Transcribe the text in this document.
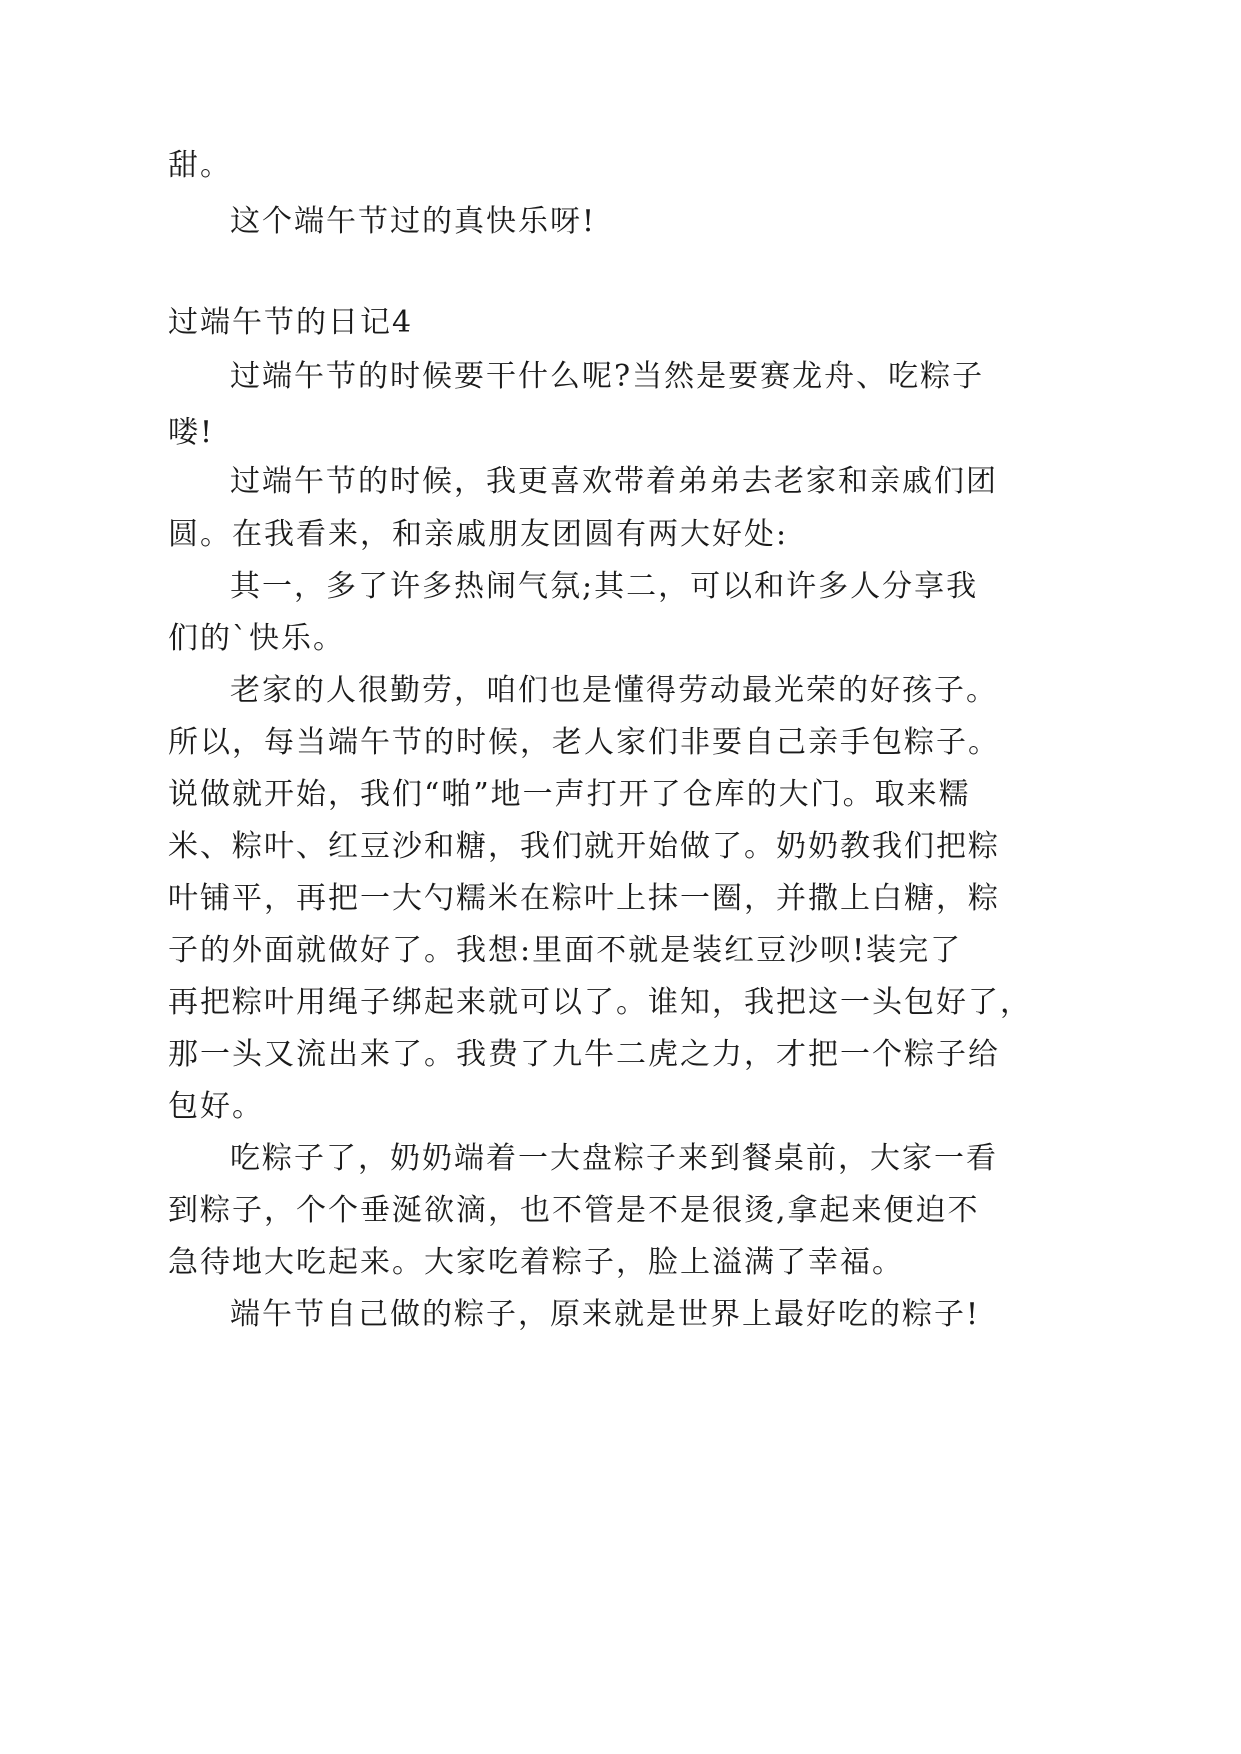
甜。
这个端午节过的真快乐呀!
过端午节的日记4
过端午节的时候要干什么呢?当然是要赛龙舟、吃粽子
喽!
过端午节的时候，我更喜欢带着弟弟去老家和亲戚们团
圆。在我看来，和亲戚朋友团圆有两大好处:
其一，多了许多热闹气氛;其二，可以和许多人分享我
们的`快乐。
老家的人很勤劳，咱们也是懂得劳动最光荣的好孩子。
所以，每当端午节的时候，老人家们非要自己亲手包粽子。
说做就开始，我们“啪”地一声打开了仓库的大门。取来糯
米、粽叶、红豆沙和糖，我们就开始做了。奶奶教我们把粽
叶铺平，再把一大勺糯米在粽叶上抹一圈，并撒上白糖，粽
子的外面就做好了。我想:里面不就是装红豆沙呗!装完了
再把粽叶用绳子绑起来就可以了。谁知，我把这一头包好了，
那一头又流出来了。我费了九牛二虎之力，才把一个粽子给
包好。
吃粽子了，奶奶端着一大盘粽子来到餐桌前，大家一看
到粽子，个个垂涎欲滴，也不管是不是很烫,拿起来便迫不
急待地大吃起来。大家吃着粽子，脸上溢满了幸福。
端午节自己做的粽子，原来就是世界上最好吃的粽子!
